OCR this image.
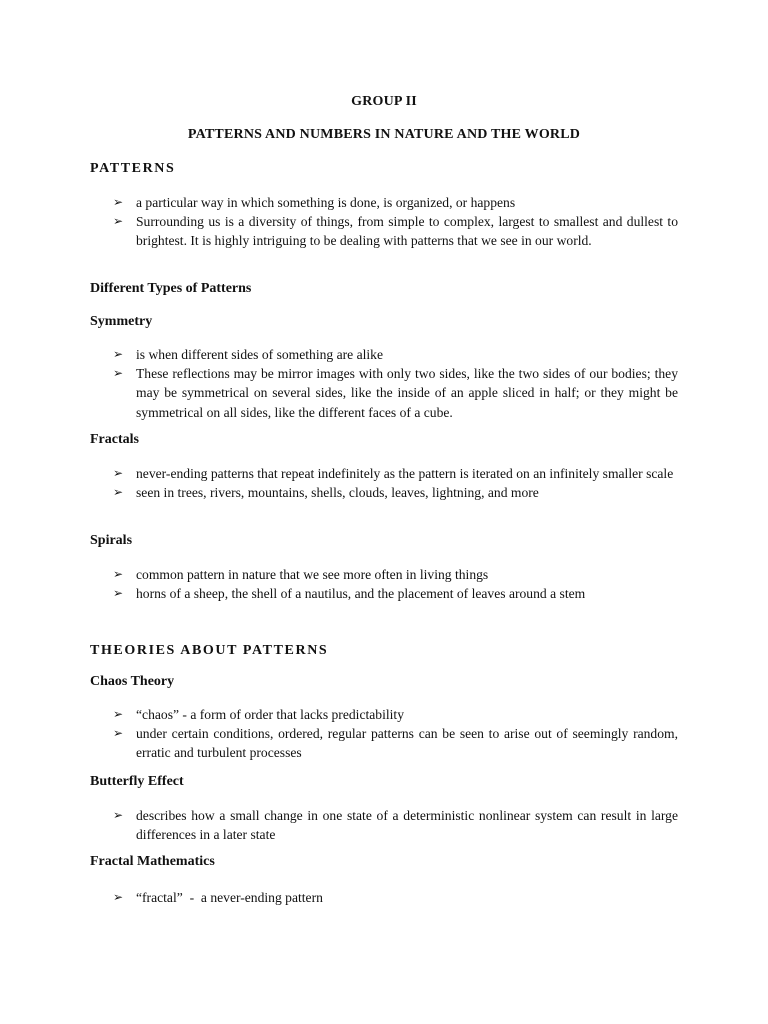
GROUP II
PATTERNS AND NUMBERS IN NATURE AND THE WORLD
PATTERNS
➢ a particular way in which something is done, is organized, or happens
➢ Surrounding us is a diversity of things, from simple to complex, largest to smallest and dullest to brightest. It is highly intriguing to be dealing with patterns that we see in our world.
Different Types of Patterns
Symmetry
➢ is when different sides of something are alike
➢ These reflections may be mirror images with only two sides, like the two sides of our bodies; they may be symmetrical on several sides, like the inside of an apple sliced in half; or they might be symmetrical on all sides, like the different faces of a cube.
Fractals
➢ never-ending patterns that repeat indefinitely as the pattern is iterated on an infinitely smaller scale
➢ seen in trees, rivers, mountains, shells, clouds, leaves, lightning, and more
Spirals
➢ common pattern in nature that we see more often in living things
➢ horns of a sheep, the shell of a nautilus, and the placement of leaves around a stem
THEORIES ABOUT PATTERNS
Chaos Theory
➢ “chaos” - a form of order that lacks predictability
➢ under certain conditions, ordered, regular patterns can be seen to arise out of seemingly random, erratic and turbulent processes
Butterfly Effect
➢ describes how a small change in one state of a deterministic nonlinear system can result in large differences in a later state
Fractal Mathematics
➢ “fractal”  -  a never-ending pattern
